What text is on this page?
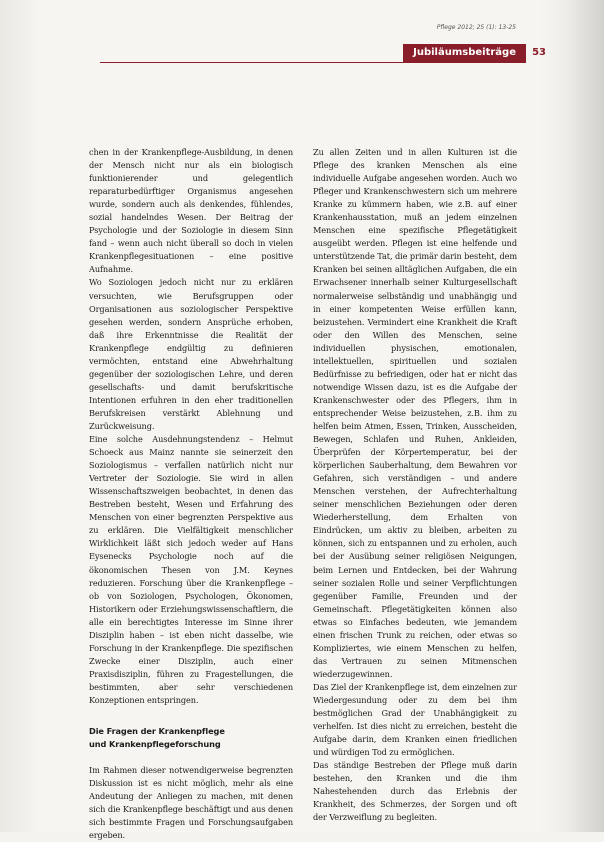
Pflege 2012; 25 (1): 13-25
Jubiläumsbeiträge	53

chen in der Krankenpflege-Ausbildung, in denen der Mensch nicht nur als ein biologisch funktionierender und gelegentlich reparaturbedürftiger Organismus angesehen wurde, sondern auch als denkendes, fühlendes, sozial handelndes Wesen. Der Beitrag der Psychologie und der Soziologie in diesem Sinn fand – wenn auch nicht überall so doch in vielen Krankenpflegesituationen – eine positive Aufnahme.

Wo Soziologen jedoch nicht nur zu erklären versuchten, wie Berufsgruppen oder Organisationen aus soziologischer Perspektive gesehen werden, sondern Ansprüche erhoben, daß ihre Erkenntnisse die Realität der Krankenpflege endgültig zu definieren vermöchten, entstand eine Abwehrhaltung gegenüber der soziologischen Lehre, und deren gesellschafts- und damit berufskritische Intentionen erfuhren in den eher traditionellen Berufskreisen verstärkt Ablehnung und Zurückweisung.

Eine solche Ausdehnungstendenz – Helmut Schoeck aus Mainz nannte sie seinerzeit den Soziologismus – verfallen natürlich nicht nur Vertreter der Soziologie. Sie wird in allen Wissenschaftszweigen beobachtet, in denen das Bestreben besteht, Wesen und Erfahrung des Menschen von einer begrenzten Perspektive aus zu erklären. Die Vielfältigkeit menschlicher Wirklichkeit läßt sich jedoch weder auf Hans Eysenecks Psychologie noch auf die ökonomischen Thesen von J.M. Keynes reduzieren. Forschung über die Krankenpflege – ob von Soziologen, Psychologen, Ökonomen, Historikern oder Erziehungswissenschaftlern, die alle ein berechtigtes Interesse im Sinne ihrer Disziplin haben – ist eben nicht dasselbe, wie Forschung in der Krankenpflege. Die spezifischen Zwecke einer Disziplin, auch einer Praxisdisziplin, führen zu Fragestellungen, die bestimmten, aber sehr verschiedenen Konzeptionen entspringen.

Die Fragen der Krankenpflege

und Krankenpflegeforschung

Im Rahmen dieser notwendigerweise begrenzten Diskussion ist es nicht möglich, mehr als eine Andeutung der Anliegen zu machen, mit denen sich die Krankenpflege beschäftigt und aus denen sich bestimmte Fragen und Forschungsaufgaben ergeben.

Zu allen Zeiten und in allen Kulturen ist die Pflege des kranken Menschen als eine individuelle Aufgabe angesehen worden. Auch wo Pfleger und Krankenschwestern sich um mehrere Kranke zu kümmern haben, wie z.B. auf einer Krankenhausstation, muß an jedem einzelnen Menschen eine spezifische Pflegetätigkeit ausgeübt werden. Pflegen ist eine helfende und unterstützende Tat, die primär darin besteht, dem Kranken bei seinen alltäglichen Aufgaben, die ein Erwachsener innerhalb seiner Kulturgesellschaft normalerweise selbständig und unabhängig und in einer kompetenten Weise erfüllen kann, beizustehen. Vermindert eine Krankheit die Kraft oder den Willen des Menschen, seine individuellen physischen, emotionalen, intellektuellen, spirituellen und sozialen Bedürfnisse zu befriedigen, oder hat er nicht das notwendige Wissen dazu, ist es die Aufgabe der Krankenschwester oder des Pflegers, ihm in entsprechender Weise beizustehen, z.B. ihm zu helfen beim Atmen, Essen, Trinken, Ausscheiden, Bewegen, Schlafen und Ruhen, Ankleiden, Überprüfen der Körpertemperatur, bei der körperlichen Sauberhaltung, dem Bewahren vor Gefahren, sich verständigen – und andere Menschen verstehen, der Aufrechterhaltung seiner menschlichen Beziehungen oder deren Wiederherstellung, dem Erhalten von Eindrücken, um aktiv zu bleiben, arbeiten zu können, sich zu entspannen und zu erholen, auch bei der Ausübung seiner religiösen Neigungen, beim Lernen und Entdecken, bei der Wahrung seiner sozialen Rolle und seiner Verpflichtungen gegenüber Familie, Freunden und der Gemeinschaft. Pflegetätigkeiten können also etwas so Einfaches bedeuten, wie jemandem einen frischen Trunk zu reichen, oder etwas so Kompliziertes, wie einem Menschen zu helfen, das Vertrauen zu seinen Mitmenschen wiederzugewinnen.

Das Ziel der Krankenpflege ist, dem einzelnen zur Wiedergesundung oder zu dem bei ihm bestmöglichen Grad der Unabhängigkeit zu verhelfen. Ist dies nicht zu erreichen, besteht die Aufgabe darin, dem Kranken einen friedlichen und würdigen Tod zu ermöglichen.

Das ständige Bestreben der Pflege muß darin bestehen, den Kranken und die ihm Nahestehenden durch das Erlebnis der Krankheit, des Schmerzes, der Sorgen und oft der Verzweiflung zu begleiten.
